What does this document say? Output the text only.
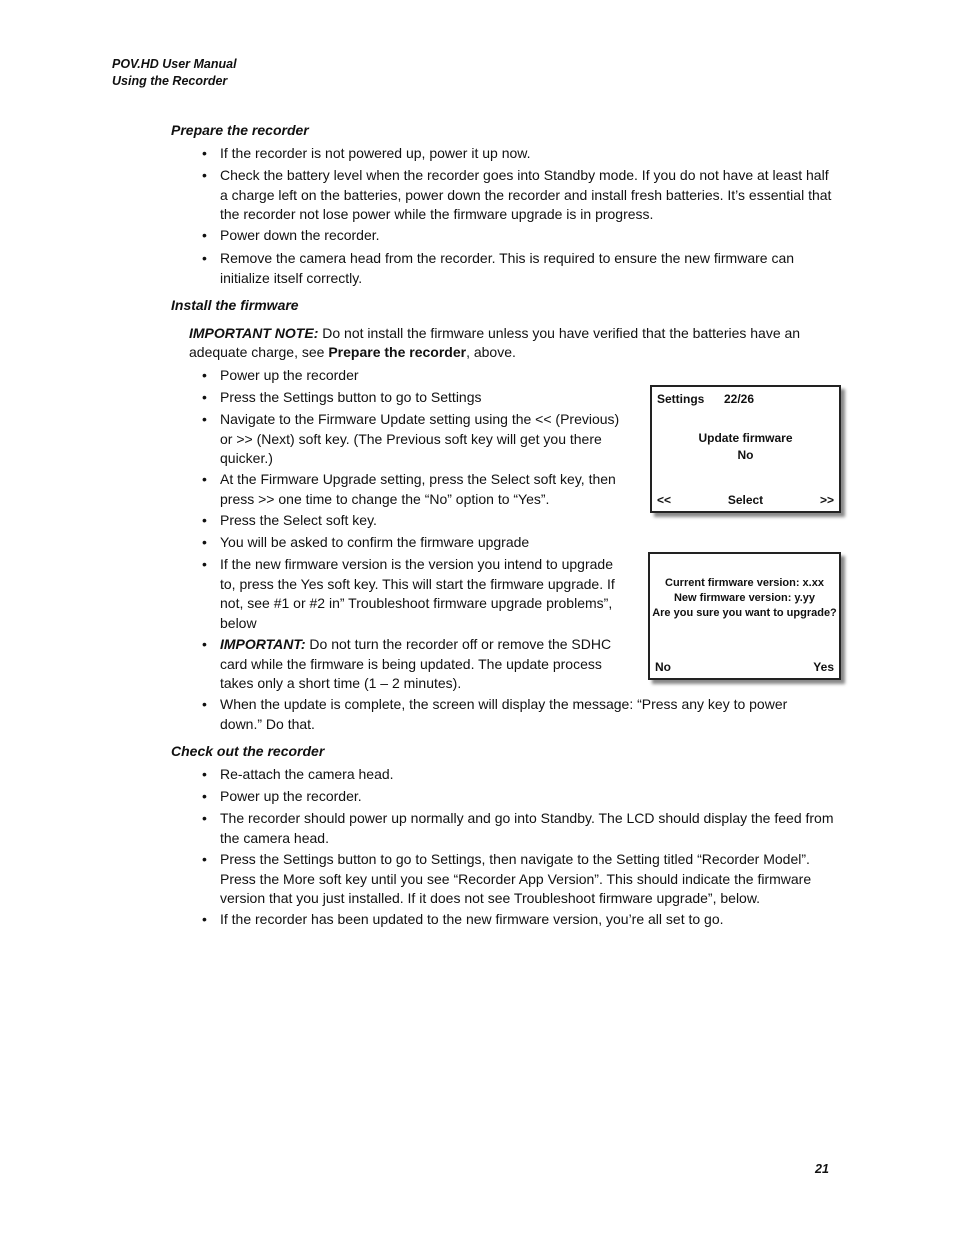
POV.HD User Manual
Using the Recorder
Prepare the recorder
• If the recorder is not powered up, power it up now.
• Check the battery level when the recorder goes into Standby mode. If you do not have at least half a charge left on the batteries, power down the recorder and install fresh batteries. It’s essential that the recorder not lose power while the firmware upgrade is in progress.
• Power down the recorder.
• Remove the camera head from the recorder. This is required to ensure the new firmware can initialize itself correctly.
Install the firmware
IMPORTANT NOTE: Do not install the firmware unless you have verified that the batteries have an adequate charge, see Prepare the recorder, above.
• Power up the recorder
• Press the Settings button to go to Settings
• Navigate to the Firmware Update setting using the << (Previous) or >> (Next) soft key. (The Previous soft key will get you there quicker.)
• At the Firmware Upgrade setting, press the Select soft key, then press >> one time to change the “No” option to “Yes”.
• Press the Select soft key.
• You will be asked to confirm the firmware upgrade
• If the new firmware version is the version you intend to upgrade to, press the Yes soft key. This will start the firmware upgrade. If not, see #1 or #2 in” Troubleshoot firmware upgrade problems”, below
• IMPORTANT: Do not turn the recorder off or remove the SDHC card while the firmware is being updated. The update process takes only a short time (1 – 2 minutes).
• When the update is complete, the screen will display the message: “Press any key to power down.” Do that.
Settings 22/26
Update firmware
No
<<	Select	>>
Current firmware version: x.xx
New firmware version: y.yy
Are you sure you want to upgrade?
No	Yes
Check out the recorder
• Re-attach the camera head.
• Power up the recorder.
• The recorder should power up normally and go into Standby. The LCD should display the feed from the camera head.
• Press the Settings button to go to Settings, then navigate to the Setting titled “Recorder Model”. Press the More soft key until you see “Recorder App Version”. This should indicate the firmware version that you just installed. If it does not see Troubleshoot firmware upgrade”, below.
• If the recorder has been updated to the new firmware version, you’re all set to go.
21
